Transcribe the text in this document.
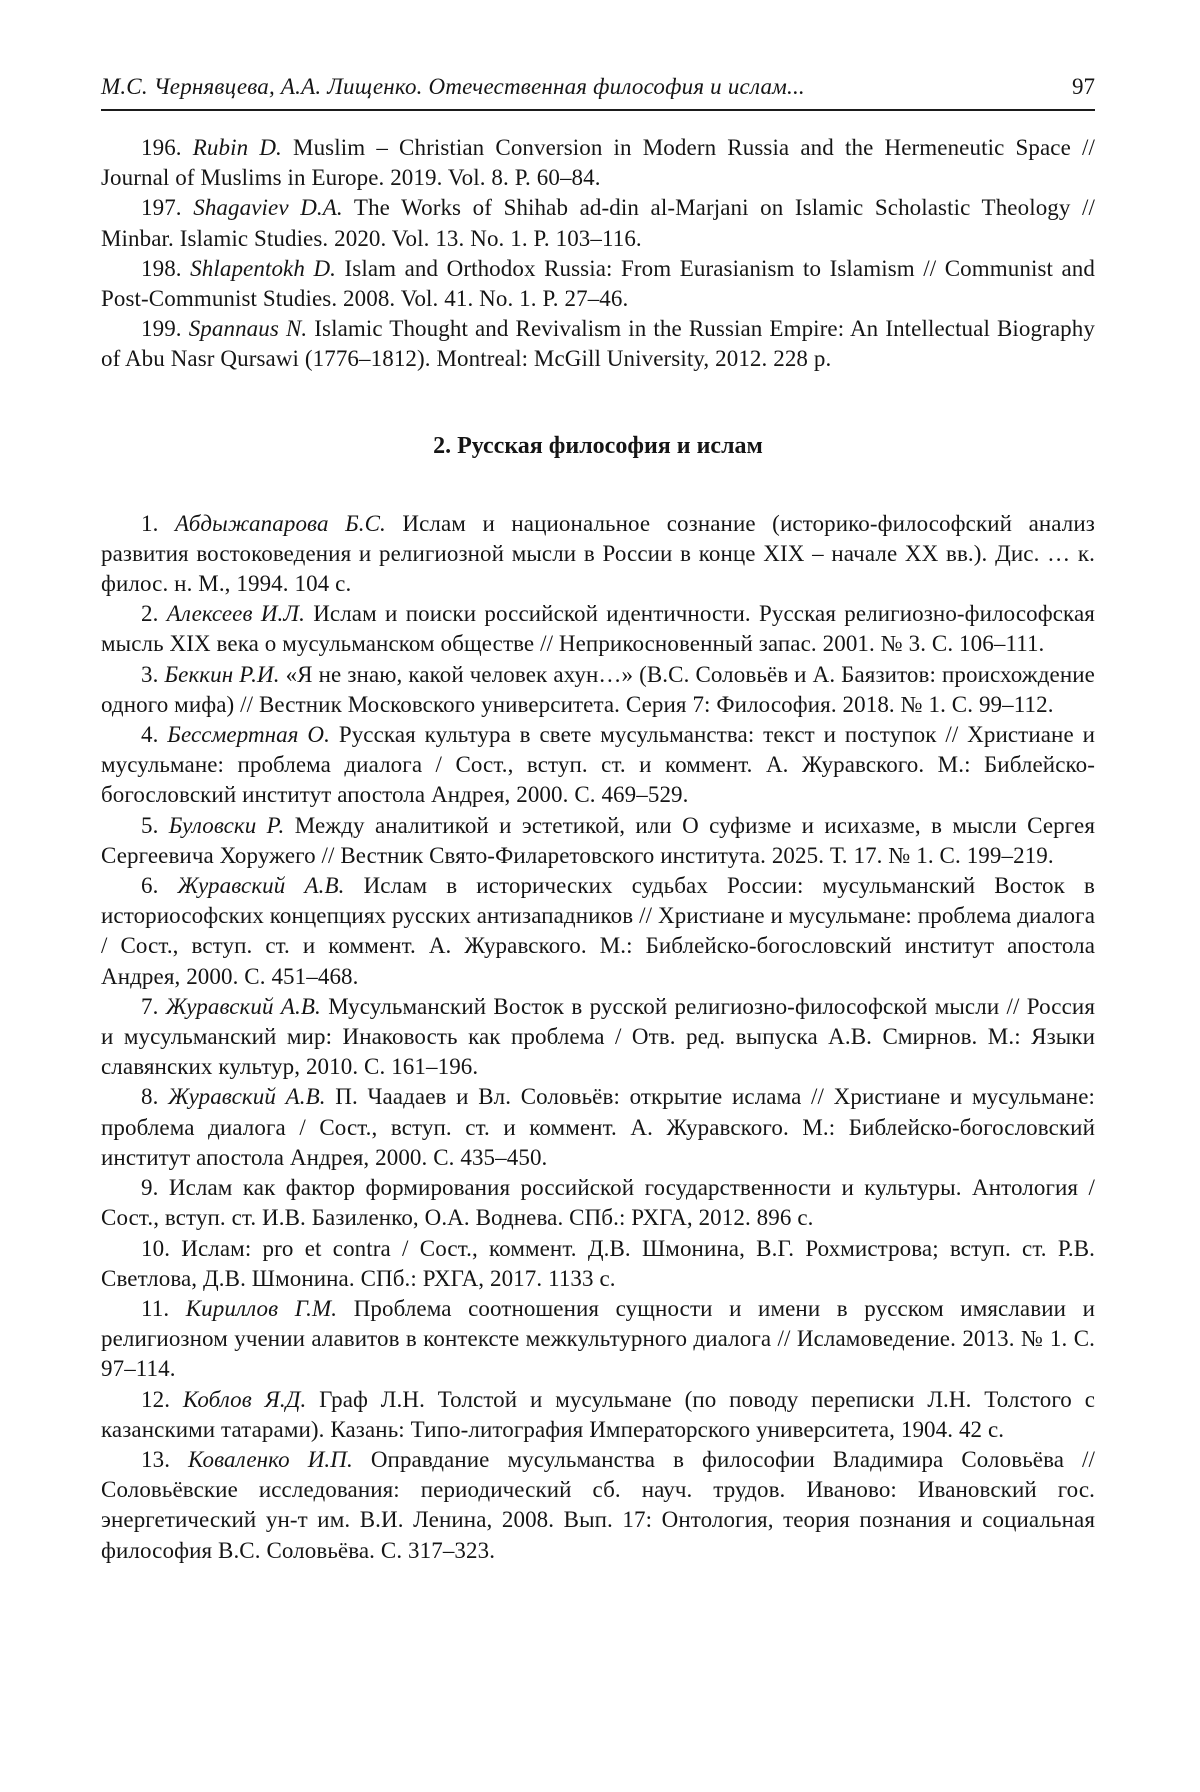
М.С. Чернявцева, А.А. Лищенко. Отечественная философия и ислам...	97

196. Rubin D. Muslim – Christian Conversion in Modern Russia and the Hermeneutic Space // Journal of Muslims in Europe. 2019. Vol. 8. P. 60–84.

197. Shagaviev D.A. The Works of Shihab ad-din al-Marjani on Islamic Scholastic Theology // Minbar. Islamic Studies. 2020. Vol. 13. No. 1. P. 103–116.

198. Shlapentokh D. Islam and Orthodox Russia: From Eurasianism to Islamism // Communist and Post-Communist Studies. 2008. Vol. 41. No. 1. P. 27–46.

199. Spannaus N. Islamic Thought and Revivalism in the Russian Empire: An Intellectual Biography of Abu Nasr Qursawi (1776–1812). Montreal: McGill University, 2012. 228 p.

2. Русская философия и ислам

1. Абдыжапарова Б.С. Ислам и национальное сознание (историко-философский анализ развития востоковедения и религиозной мысли в России в конце XIX – начале XX вв.). Дис. … к. филос. н. М., 1994. 104 с.

2. Алексеев И.Л. Ислам и поиски российской идентичности. Русская религиозно-философская мысль XIX века о мусульманском обществе // Неприкосновенный запас. 2001. № 3. С. 106–111.

3. Беккин Р.И. «Я не знаю, какой человек ахун…» (В.С. Соловьёв и А. Баязитов: происхождение одного мифа) // Вестник Московского университета. Серия 7: Философия. 2018. № 1. С. 99–112.

4. Бессмертная О. Русская культура в свете мусульманства: текст и поступок // Христиане и мусульмане: проблема диалога / Сост., вступ. ст. и коммент. А. Журавского. М.: Библейско-богословский институт апостола Андрея, 2000. С. 469–529.

5. Буловски Р. Между аналитикой и эстетикой, или О суфизме и исихазме, в мысли Сергея Сергеевича Хоружего // Вестник Свято-Филаретовского института. 2025. Т. 17. № 1. С. 199–219.

6. Журавский А.В. Ислам в исторических судьбах России: мусульманский Восток в историософских концепциях русских антизападников // Христиане и мусульмане: проблема диалога / Сост., вступ. ст. и коммент. А. Журавского. М.: Библейско-богословский институт апостола Андрея, 2000. С. 451–468.

7. Журавский А.В. Мусульманский Восток в русской религиозно-философской мысли // Россия и мусульманский мир: Инаковость как проблема / Отв. ред. выпуска А.В. Смирнов. М.: Языки славянских культур, 2010. С. 161–196.

8. Журавский А.В. П. Чаадаев и Вл. Соловьёв: открытие ислама // Христиане и мусульмане: проблема диалога / Сост., вступ. ст. и коммент. А. Журавского. М.: Библейско-богословский институт апостола Андрея, 2000. С. 435–450.

9. Ислам как фактор формирования российской государственности и культуры. Антология / Сост., вступ. ст. И.В. Базиленко, О.А. Воднева. СПб.: РХГА, 2012. 896 с.

10. Ислам: pro et contra / Сост., коммент. Д.В. Шмонина, В.Г. Рохмистрова; вступ. ст. Р.В. Светлова, Д.В. Шмонина. СПб.: РХГА, 2017. 1133 с.

11. Кириллов Г.М. Проблема соотношения сущности и имени в русском имяславии и религиозном учении алавитов в контексте межкультурного диалога // Исламоведение. 2013. № 1. С. 97–114.

12. Коблов Я.Д. Граф Л.Н. Толстой и мусульмане (по поводу переписки Л.Н. Толстого с казанскими татарами). Казань: Типо-литография Императорского университета, 1904. 42 с.

13. Коваленко И.П. Оправдание мусульманства в философии Владимира Соловьёва // Соловьёвские исследования: периодический сб. науч. трудов. Иваново: Ивановский гос. энергетический ун-т им. В.И. Ленина, 2008. Вып. 17: Онтология, теория познания и социальная философия В.С. Соловьёва. С. 317–323.
